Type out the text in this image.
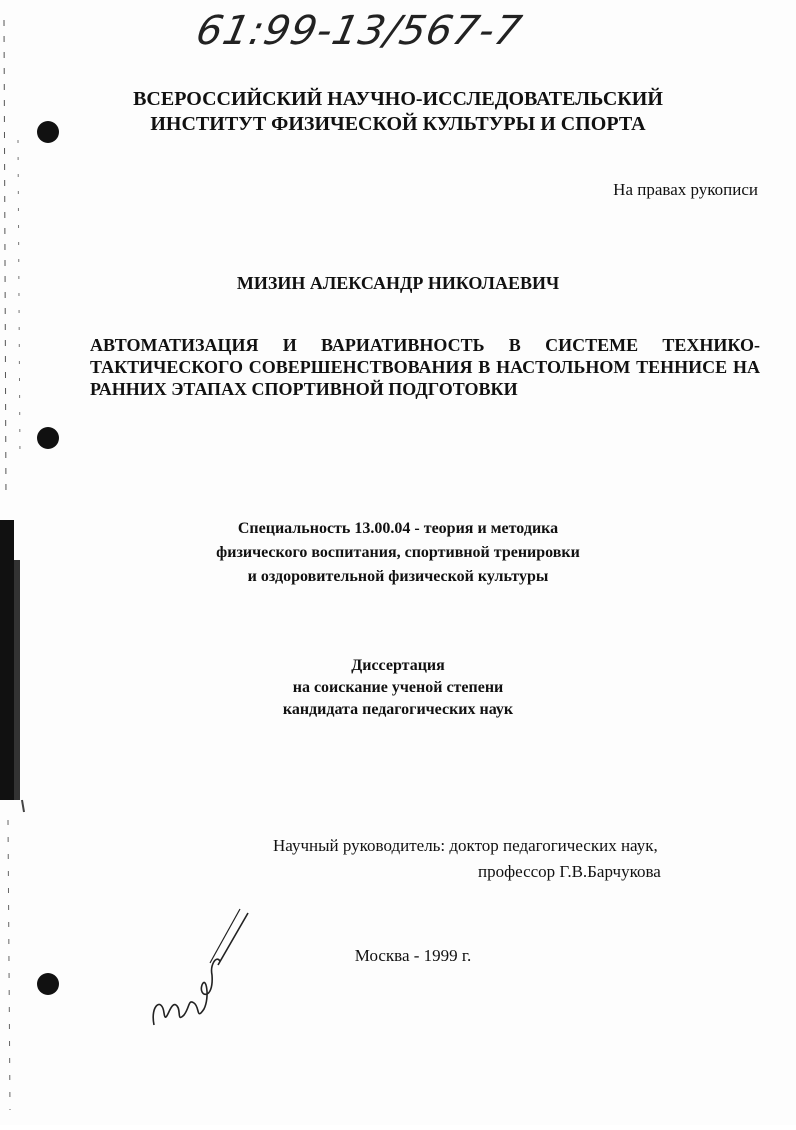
61:99-13/567-7
ВСЕРОССИЙСКИЙ НАУЧНО-ИССЛЕДОВАТЕЛЬСКИЙ
ИНСТИТУТ ФИЗИЧЕСКОЙ КУЛЬТУРЫ И СПОРТА
На правах рукописи
МИЗИН АЛЕКСАНДР НИКОЛАЕВИЧ
АВТОМАТИЗАЦИЯ И ВАРИАТИВНОСТЬ В СИСТЕМЕ ТЕХНИКО-ТАКТИЧЕСКОГО СОВЕРШЕНСТВОВАНИЯ В НАСТОЛЬНОМ ТЕННИСЕ НА РАННИХ ЭТАПАХ СПОРТИВНОЙ ПОДГОТОВКИ
Специальность 13.00.04 - теория и методика
физического воспитания, спортивной тренировки
и оздоровительной физической культуры
Диссертация
на соискание ученой степени
кандидата педагогических наук
Научный руководитель: доктор педагогических наук,
профессор Г.В.Барчукова
Москва - 1999 г.
